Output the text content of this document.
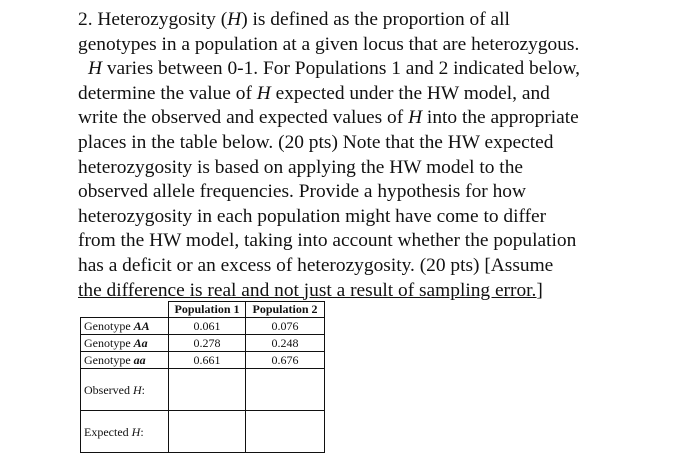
2. Heterozygosity (H) is defined as the proportion of all
genotypes in a population at a given locus that are heterozygous.
H varies between 0-1. For Populations 1 and 2 indicated below,
determine the value of H expected under the HW model, and
write the observed and expected values of H into the appropriate
places in the table below. (20 pts) Note that the HW expected
heterozygosity is based on applying the HW model to the
observed allele frequencies. Provide a hypothesis for how
heterozygosity in each population might have come to differ
from the HW model, taking into account whether the population
has a deficit or an excess of heterozygosity. (20 pts) [Assume
the difference is real and not just a result of sampling error.]
	Population 1	Population 2
Genotype AA	0.061	0.076
Genotype Aa	0.278	0.248
Genotype aa	0.661	0.676
Observed H:		
Expected H:		
